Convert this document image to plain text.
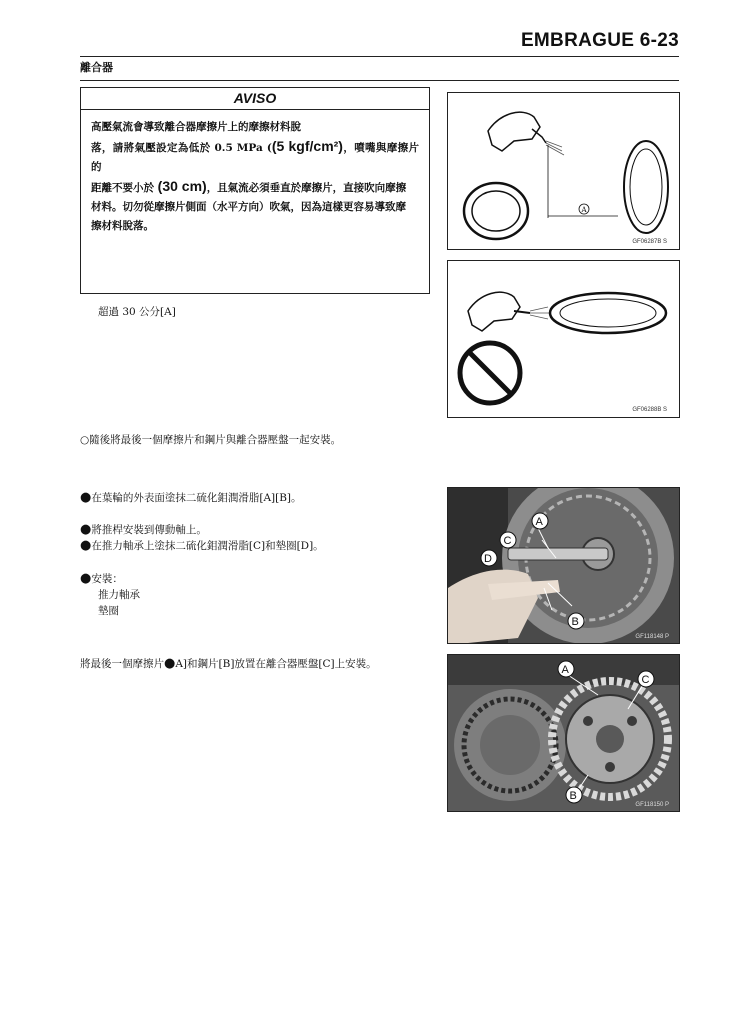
EMBRAGUE 6-23
離合器
AVISO
高壓氣流會導致離合器摩擦片上的摩擦材料脫
落，請將氣壓設定為低於 0.5 MPa ((5 kgf/cm²)，噴嘴與摩擦片的
距離不要小於 (30 cm)，且氣流必須垂直於摩擦片，直接吹向摩擦
材料。切勿從摩擦片側面（水平方向）吹氣，因為這樣更容易導致摩
擦材料脫落。
超過 30 公分[A]
A
GF06287B S
GF06288B S
○隨後將最後一個摩擦片和鋼片與離合器壓盤一起安裝。
●在葉輪的外表面塗抹二硫化鉬潤滑脂[A][B]。
●將推桿安裝到傳動軸上。
●在推力軸承上塗抹二硫化鉬潤滑脂[C]和墊圈[D]。
●安裝：
推力軸承
墊圈
A
C
D
B
GF118148 P
將最後一個摩擦片●A]和鋼片[B]放置在離合器壓盤[C]上安裝。	A
C
B
GF118150 P
